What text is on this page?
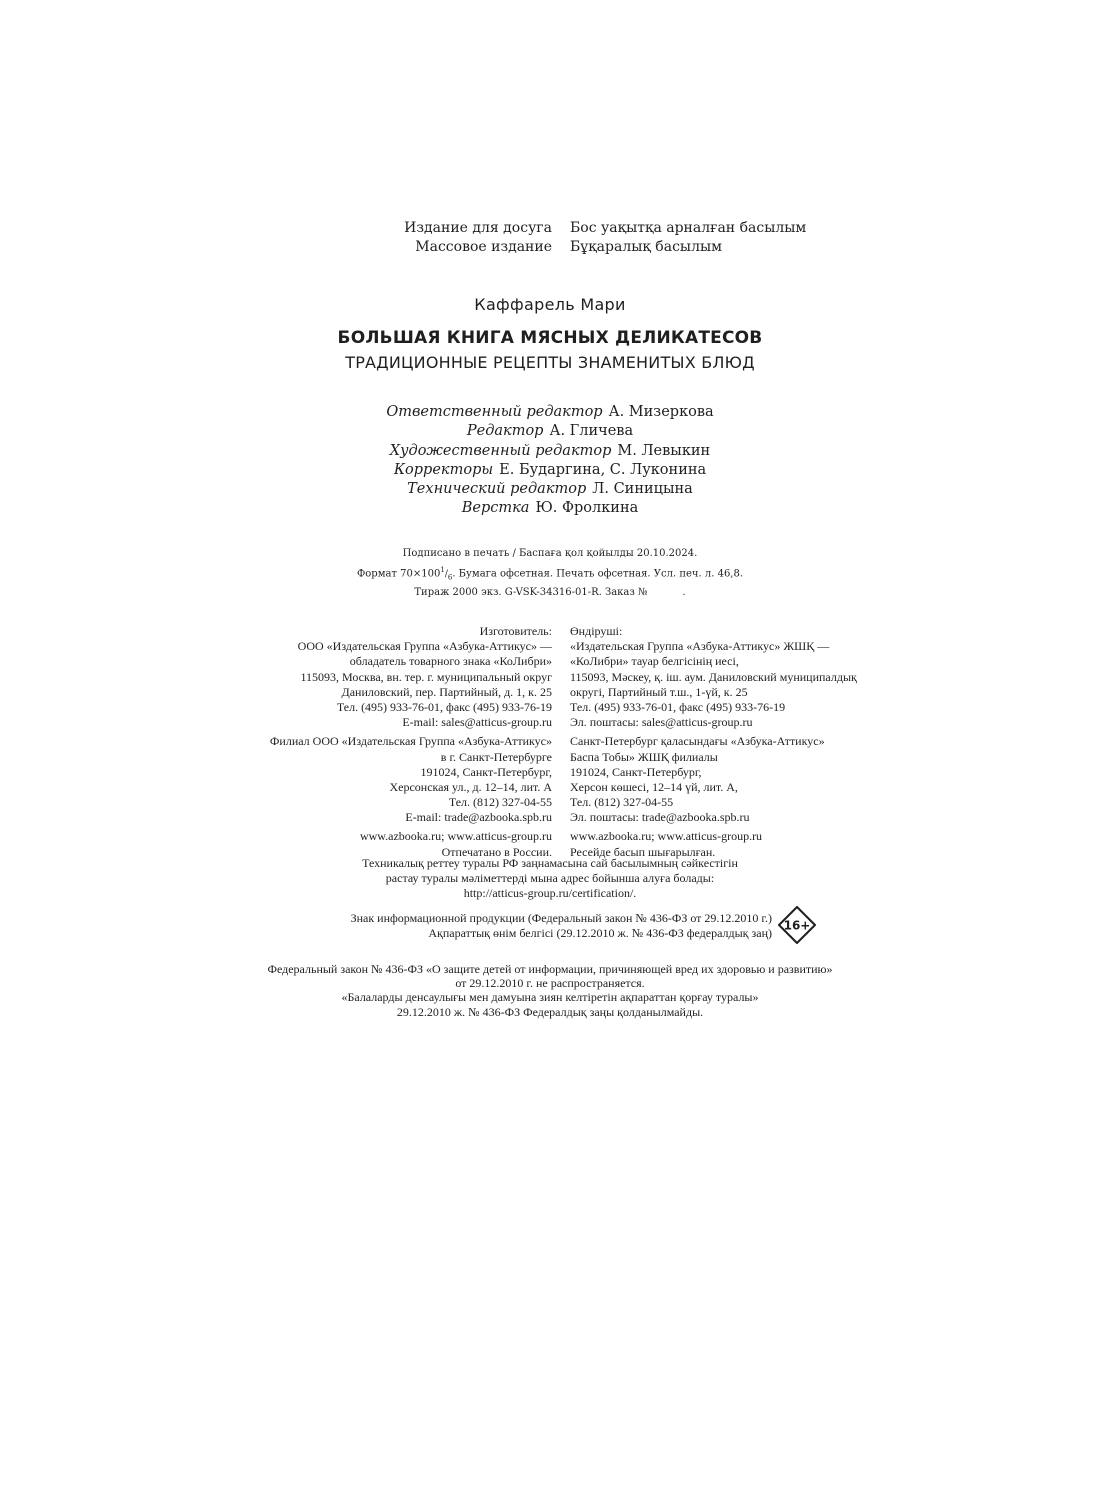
Издание для досуга Бос уақытқа арналған басылым
Массовое издание Бұқаралық басылым
Каффарель Мари
БОЛЬШАЯ КНИГА МЯСНЫХ ДЕЛИКАТЕСОВ
ТРАДИЦИОННЫЕ РЕЦЕПТЫ ЗНАМЕНИТЫХ БЛЮД
Ответственный редактор А. Мизеркова
Редактор А. Гличева
Художественный редактор М. Левыкин
Корректоры Е. Бударгина, С. Луконина
Технический редактор Л. Синицына
Верстка Ю. Фролкина
Подписано в печать / Баспаға қол қойылды 20.10.2024.
Формат $70\times 100^1/_6$. Бумага офсетная. Печать офсетная. Усл. печ. л. 46,8.
Тираж 2000 экз. G-VSK-34316-01-R. Заказ №           .
Изготовитель: Өндіруші:
ООО «Издательская Группа «Азбука-Аттикус» — «Издательская Группа «Азбука-Аттикус» ЖШҚ —
обладатель товарного знака «КоЛибри» «КоЛибри» тауар белгісінің иесі,
115093, Москва, вн. тер. г. муниципальный округ 115093, Мәскеу, қ. іш. аум. Даниловский муниципалдық
Даниловский, пер. Партийный, д. 1, к. 25 округі, Партийный т.ш., 1-үй, к. 25
Тел. (495) 933-76-01, факс (495) 933-76-19 Тел. (495) 933-76-01, факс (495) 933-76-19
E-mail: sales@atticus-group.ru Эл. поштасы: sales@atticus-group.ru
Филиал ООО «Издательская Группа «Азбука-Аттикус» Санкт-Петербург қаласындағы «Азбука-Аттикус»
в г. Санкт-Петербурге Баспа Тобы» ЖШҚ филиалы
191024, Санкт-Петербург, 191024, Санкт-Петербург,
Херсонская ул., д. 12–14, лит. А Херсон көшесі, 12–14 үй, лит. А,
Тел. (812) 327-04-55 Тел. (812) 327-04-55
E-mail: trade@azbooka.spb.ru Эл. поштасы: trade@azbooka.spb.ru
www.azbooka.ru; www.atticus-group.ru www.azbooka.ru; www.atticus-group.ru
Отпечатано в России. Ресейде басып шығарылған.
Техникалық реттеу туралы РФ заңнамасына сай басылымның сәйкестігін
растау туралы мәліметтерді мына адрес бойынша алуға болады:
http://atticus-group.ru/certification/.
Знак информационной продукции (Федеральный закон № 436-ФЗ от 29.12.2010 г.)
Ақпараттық өнім белгісі (29.12.2010 ж. № 436-ФЗ федералдық заң)
16+
Федеральный закон № 436-ФЗ «О защите детей от информации, причиняющей вред их здоровью и развитию»
от 29.12.2010 г. не распространяется.
«Балаларды денсаулығы мен дамуына зиян келтіретін ақпараттан қорғау туралы»
29.12.2010 ж. № 436-ФЗ Федералдық заңы қолданылмайды.
